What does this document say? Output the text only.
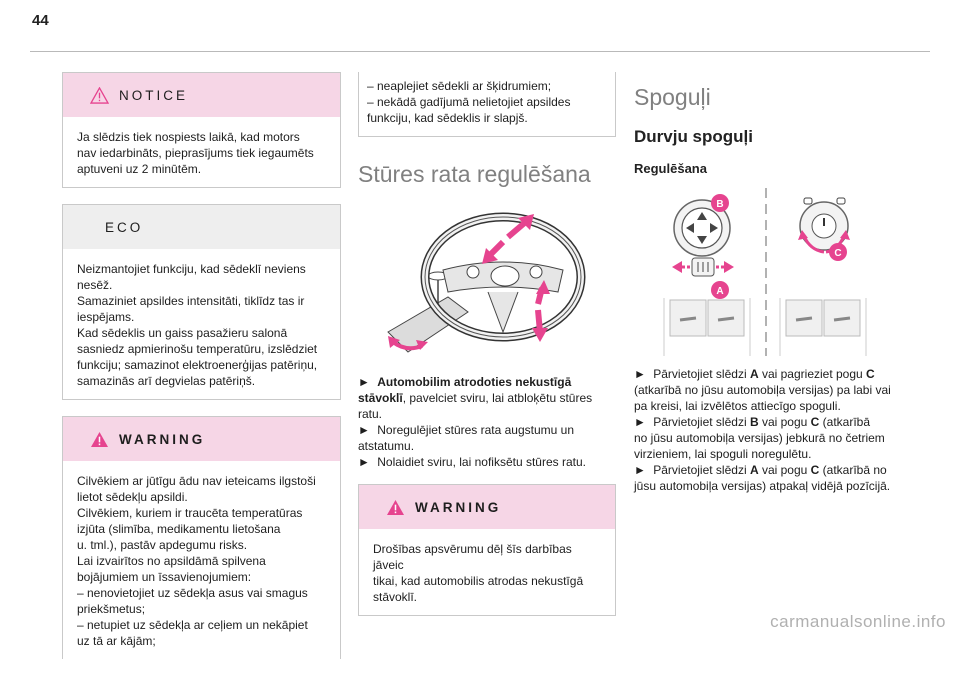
44
NOTICE
Ja slēdzis tiek nospiests laikā, kad motors
nav iedarbināts, pieprasījums tiek iegaumēts
aptuveni uz 2 minūtēm.
ECO
Neizmantojiet funkciju, kad sēdeklī neviens
nesēž.
Samaziniet apsildes intensitāti, tiklīdz tas ir
iespējams.
Kad sēdeklis un gaiss pasažieru salonā
sasniedz apmierinošu temperatūru, izslēdziet
funkciju; samazinot elektroenerģijas patēriņu,
samazinās arī degvielas patēriņš.
WARNING
Cilvēkiem ar jūtīgu ādu nav ieteicams ilgstoši
lietot sēdekļu apsildi.
Cilvēkiem, kuriem ir traucēta temperatūras
izjūta (slimība, medikamentu lietošana
u. tml.), pastāv apdegumu risks.
Lai izvairītos no apsildāmā spilvena
bojājumiem un īssavienojumiem:
– nenovietojiet uz sēdekļa asus vai smagus
priekšmetus;
– netupiet uz sēdekļa ar ceļiem un nekāpiet
uz tā ar kājām;
– neaplejiet sēdekli ar šķidrumiem;
– nekādā gadījumā nelietojiet apsildes
funkciju, kad sēdeklis ir slapjš.
Stūres rata regulēšana
► Automobilim atrodoties nekustīgā
stāvoklī, pavelciet sviru, lai atbloķētu stūres
ratu.
► Noregulējiet stūres rata augstumu un
atstatumu.
► Nolaidiet sviru, lai nofiksētu stūres ratu.
WARNING
Drošības apsvērumu dēļ šīs darbības jāveic
tikai, kad automobilis atrodas nekustīgā
stāvoklī.
Spoguļi
Durvju spoguļi
Regulēšana
B
A
C
► Pārvietojiet slēdzi A vai pagrieziet pogu C
(atkarībā no jūsu automobiļa versijas) pa labi vai
pa kreisi, lai izvēlētos attiecīgo spoguli.
► Pārvietojiet slēdzi B vai pogu C (atkarībā
no jūsu automobiļa versijas) jebkurā no četriem
virzieniem, lai spoguli noregulētu.
► Pārvietojiet slēdzi A vai pogu C (atkarībā no
jūsu automobiļa versijas) atpakaļ vidējā pozīcijā.
carmanualsonline.info
